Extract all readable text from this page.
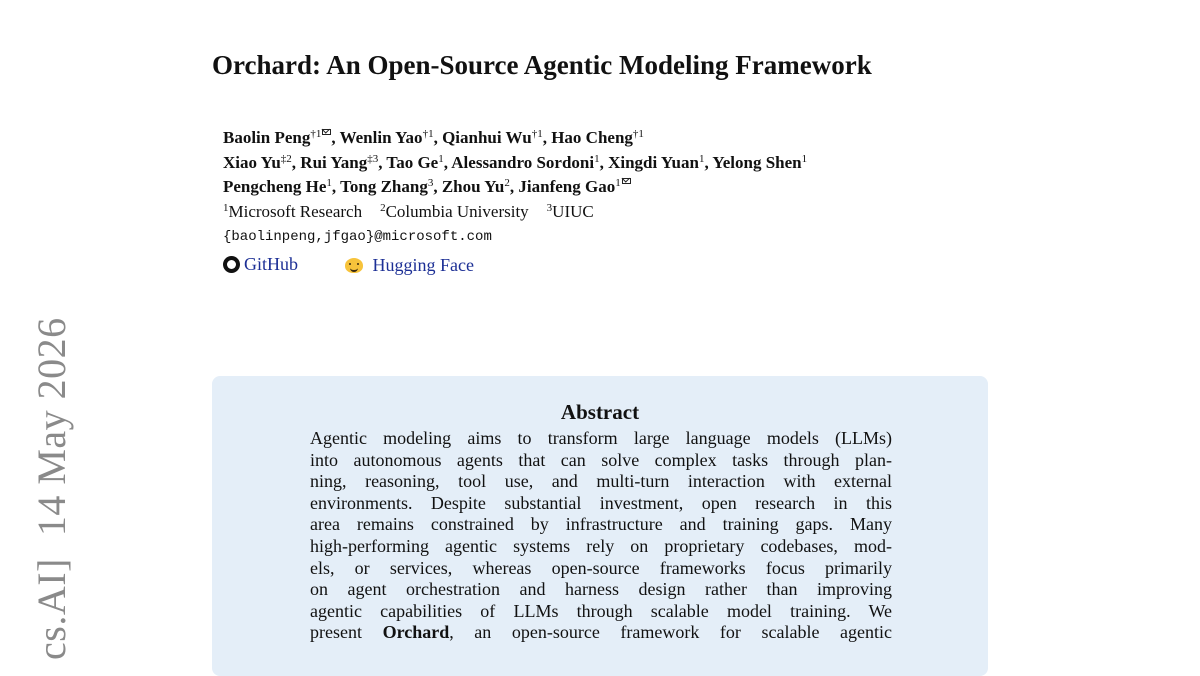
cs.AI]14 May 2026
Orchard: An Open-Source Agentic Modeling Framework
Baolin Peng$^{\dagger 1}$ , Wenlin Yao$^{\dagger 1}$, Qianhui Wu$^{\dagger 1}$, Hao Cheng$^{\dagger 1}$
Xiao Yu$^{\ddagger 2}$, Rui Yang$^{\ddagger 3}$, Tao Ge$^1$, Alessandro Sordoni$^1$, Xingdi Yuan$^1$, Yelong Shen$^1$
Pengcheng He$^1$, Tong Zhang$^3$, Zhou Yu$^2$, Jianfeng Gao$^1$
$^1$Microsoft Research $^2$Columbia University $^3$UIUC
{baolinpeng,jfgao}@microsoft.com
GitHub
	Hugging Face
Abstract
Agentic modeling aims to transform large language models (LLMs)
into autonomous agents that can solve complex tasks through plan-
ning, reasoning, tool use, and multi-turn interaction with external
environments. Despite substantial investment, open research in this
area remains constrained by infrastructure and training gaps. Many
high-performing agentic systems rely on proprietary codebases, mod-
els, or services, whereas open-source frameworks focus primarily
on agent orchestration and harness design rather than improving
agentic capabilities of LLMs through scalable model training. We
present Orchard, an open-source framework for scalable agentic
